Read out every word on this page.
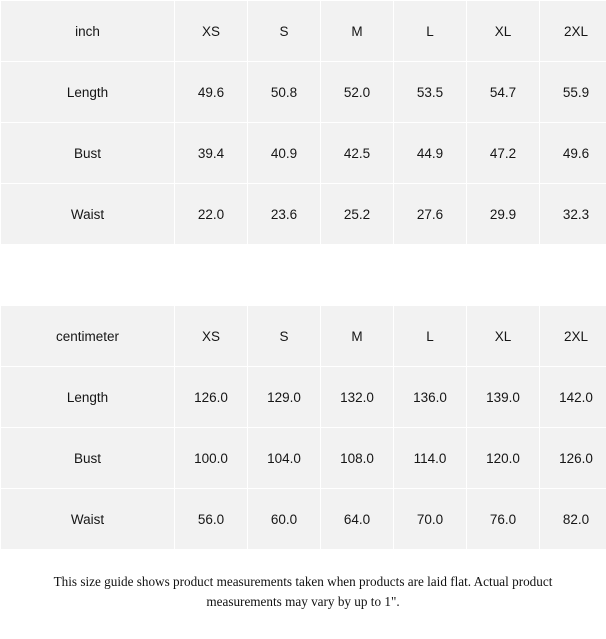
inch	XS	S	M	L	XL	2XL
Length	49.6	50.8	52.0	53.5	54.7	55.9
Bust	39.4	40.9	42.5	44.9	47.2	49.6
Waist	22.0	23.6	25.2	27.6	29.9	32.3
centimeter	XS	S	M	L	XL	2XL
Length	126.0	129.0	132.0	136.0	139.0	142.0
Bust	100.0	104.0	108.0	114.0	120.0	126.0
Waist	56.0	60.0	64.0	70.0	76.0	82.0
This size guide shows product measurements taken when products are laid flat. Actual product measurements may vary by up to 1".
